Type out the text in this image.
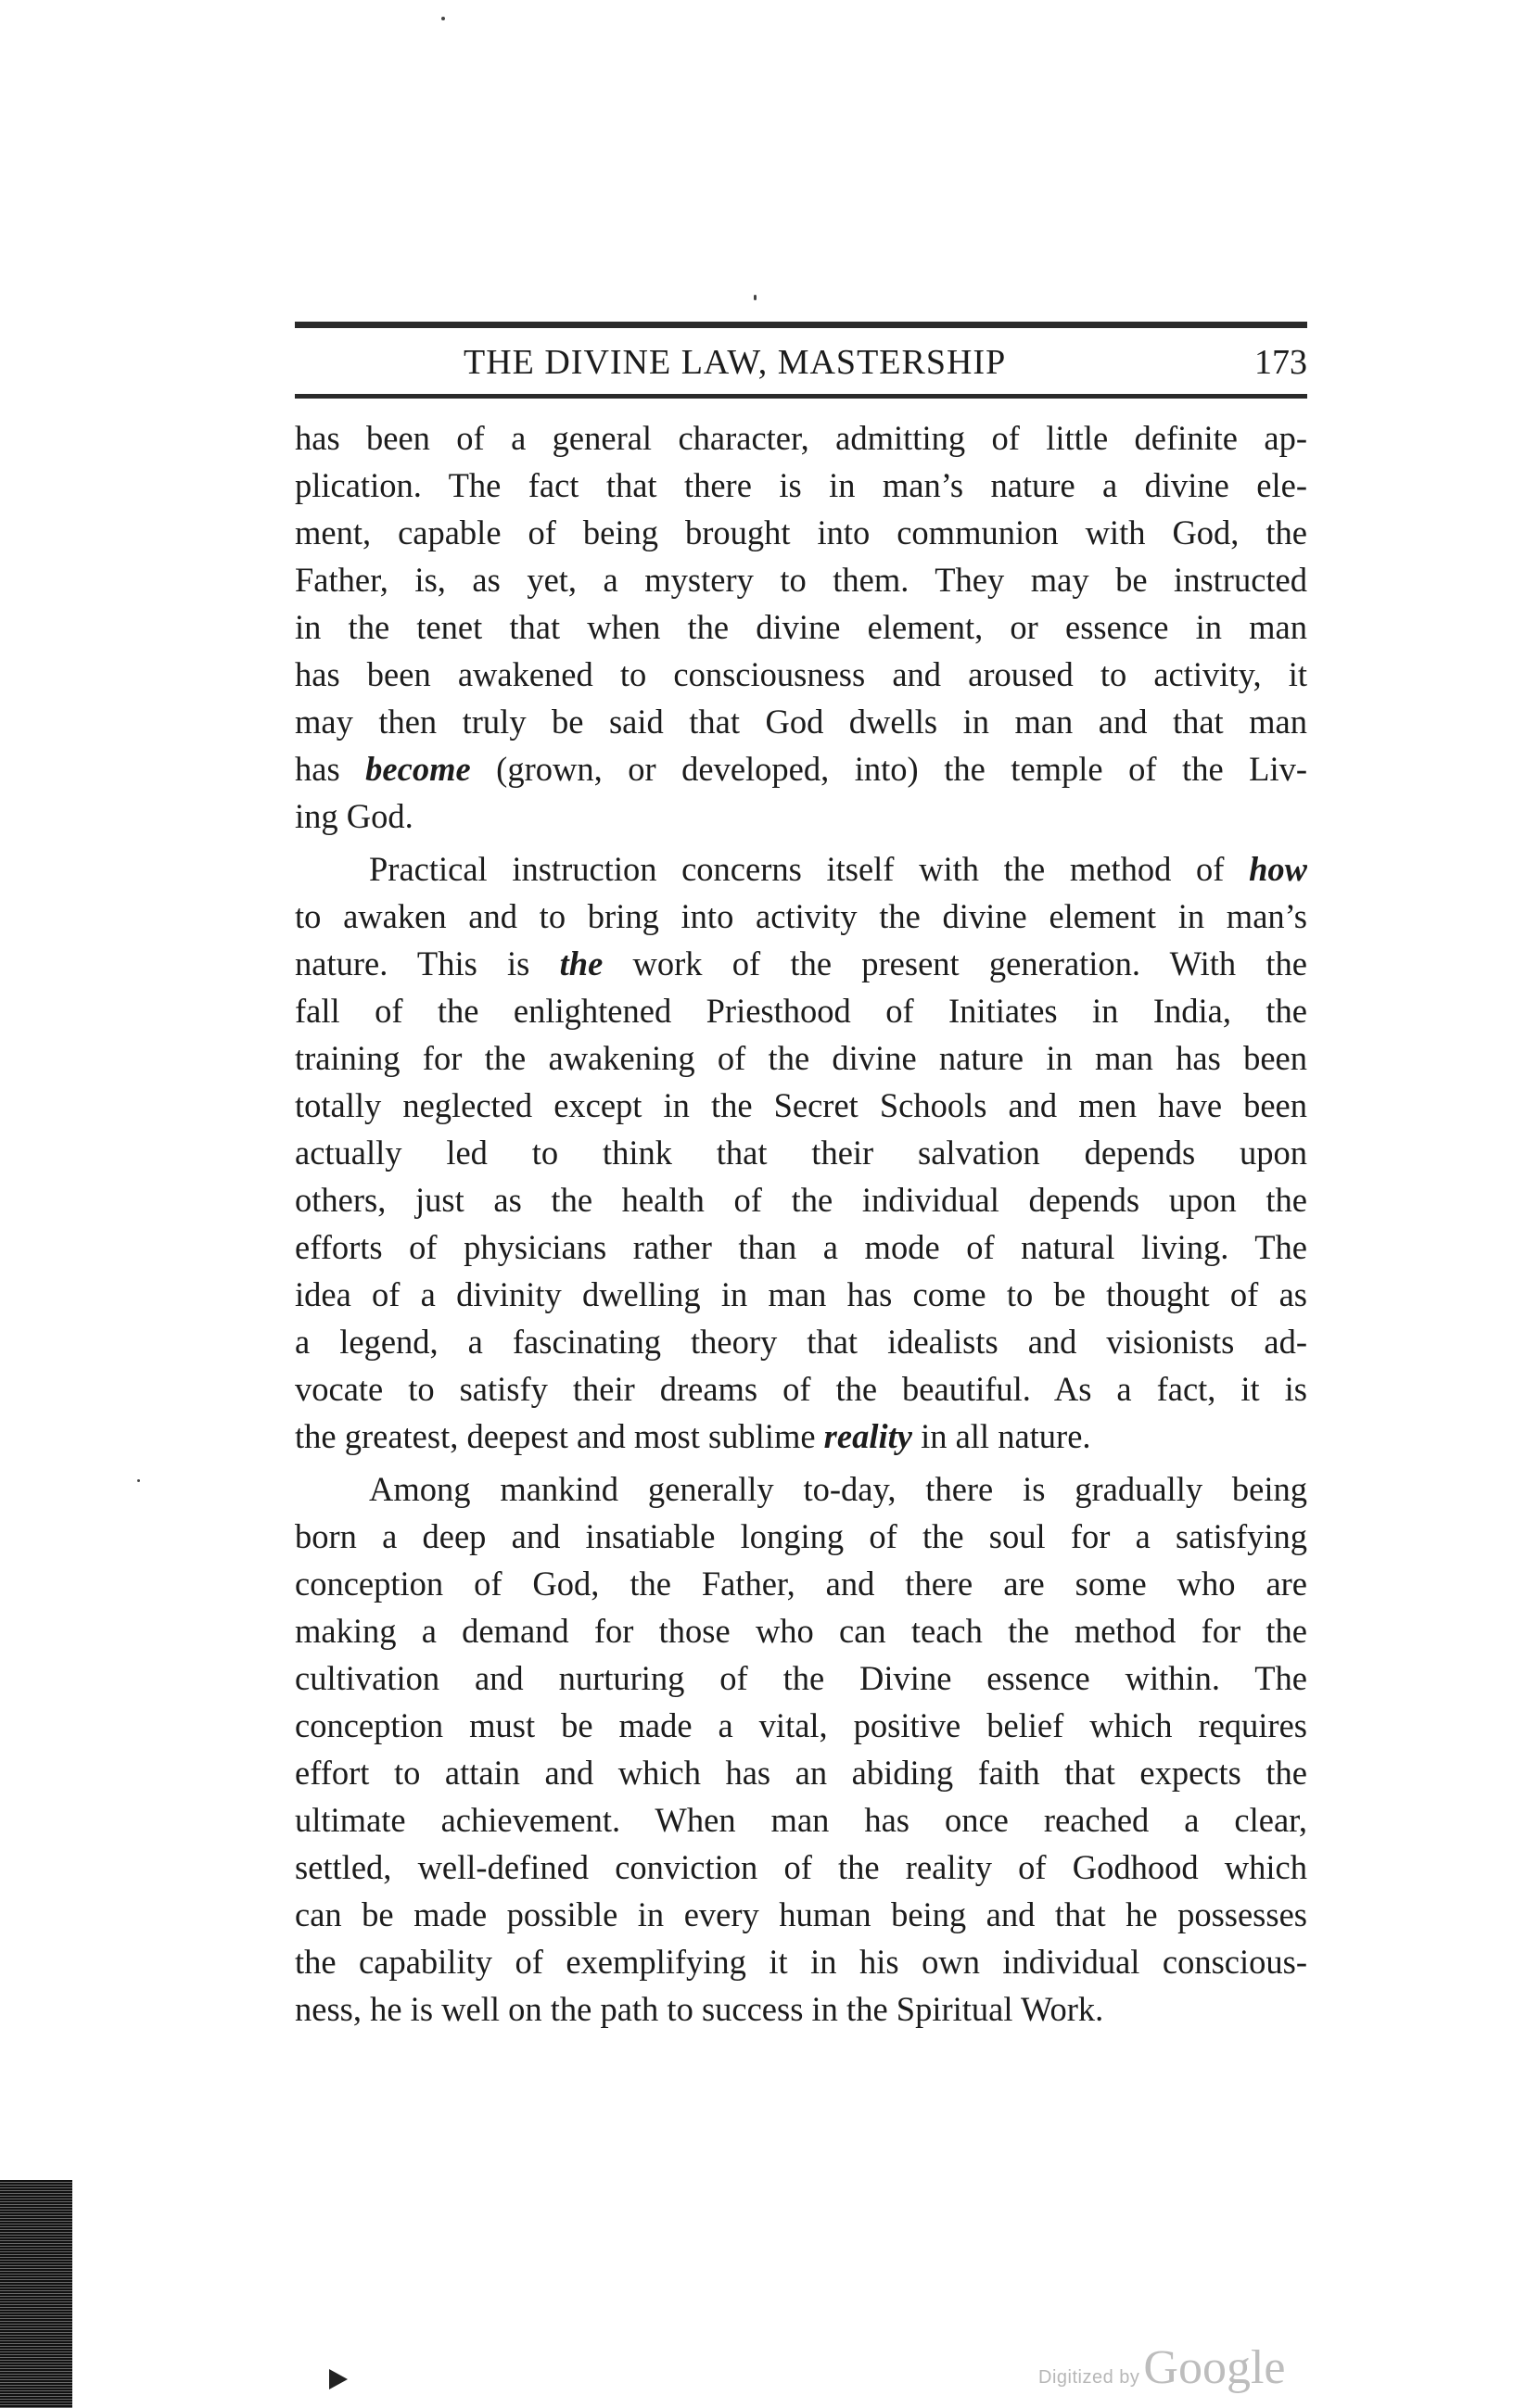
THE DIVINE LAW, MASTERSHIP	173
has been of a general character, admitting of little definite ap-
plication. The fact that there is in man’s nature a divine ele-
ment, capable of being brought into communion with God, the
Father, is, as yet, a mystery to them. They may be instructed
in the tenet that when the divine element, or essence in man
has been awakened to consciousness and aroused to activity, it
may then truly be said that God dwells in man and that man
has become (grown, or developed, into) the temple of the Liv-
ing God.
Practical instruction concerns itself with the method of how
to awaken and to bring into activity the divine element in man’s
nature. This is the work of the present generation. With the
fall of the enlightened Priesthood of Initiates in India, the
training for the awakening of the divine nature in man has been
totally neglected except in the Secret Schools and men have been
actually led to think that their salvation depends upon
others, just as the health of the individual depends upon the
efforts of physicians rather than a mode of natural living. The
idea of a divinity dwelling in man has come to be thought of as
a legend, a fascinating theory that idealists and visionists ad-
vocate to satisfy their dreams of the beautiful. As a fact, it is
the greatest, deepest and most sublime reality in all nature.
Among mankind generally to-day, there is gradually being
born a deep and insatiable longing of the soul for a satisfying
conception of God, the Father, and there are some who are
making a demand for those who can teach the method for the
cultivation and nurturing of the Divine essence within. The
conception must be made a vital, positive belief which requires
effort to attain and which has an abiding faith that expects the
ultimate achievement. When man has once reached a clear,
settled, well-defined conviction of the reality of Godhood which
can be made possible in every human being and that he possesses
the capability of exemplifying it in his own individual conscious-
ness, he is well on the path to success in the Spiritual Work.
Digitized by Google
